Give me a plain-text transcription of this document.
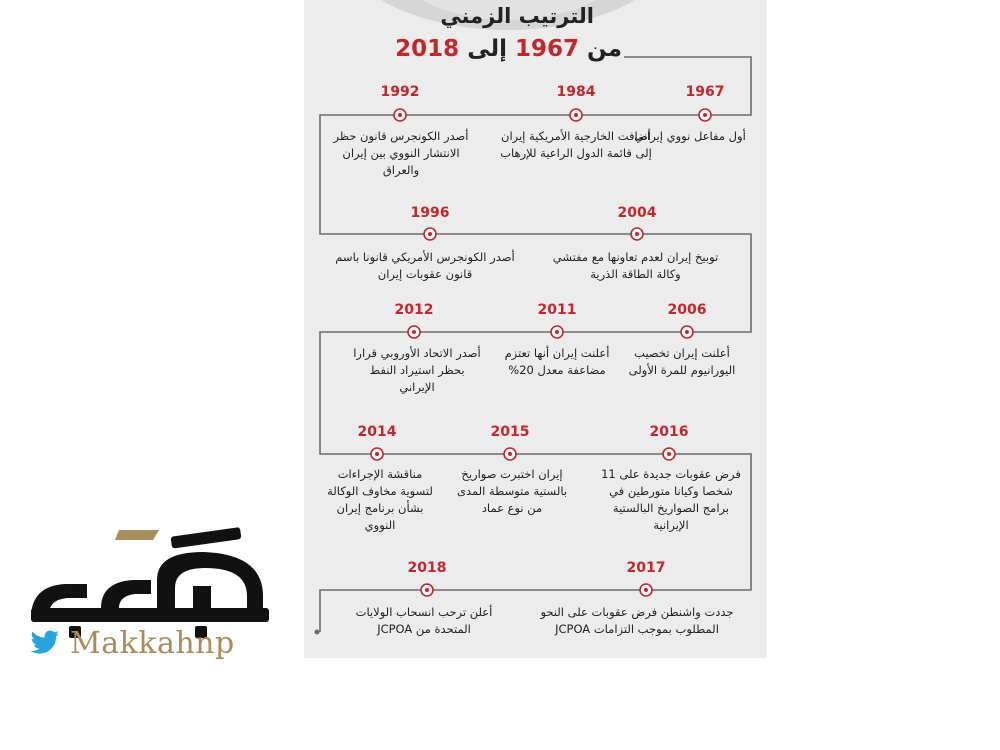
الترتيب الزمني
من 1967 إلى 2018
1967
أول مفاعل نووي إيراني
1984
أضافت الخارجية الأمريكية إيران إلى قائمة الدول الراعية للإرهاب
1992
أصدر الكونجرس قانون حظر الانتشار النووي بين إيران والعراق
2004
توبيخ إيران لعدم تعاونها مع مفتشي وكالة الطاقة الذرية
1996
أصدر الكونجرس الأمريكي قانونا باسم قانون عقوبات إيران
2006
أعلنت إيران تخصيب اليورانيوم للمرة الأولى
2011
أعلنت إيران أنها تعتزم مضاعفة معدل 20%
2012
أصدر الاتحاد الأوروبي قرارا بحظر استيراد النفط الإيراني
2016
فرض عقوبات جديدة على 11 شخصا وكيانا متورطين في برامج الصواريخ البالستية الإيرانية
2015
إيران اختبرت صواريخ بالستية متوسطة المدى من نوع عماد
2014
مناقشة الإجراءات لتسوية مخاوف الوكالة بشأن برنامج إيران النووي
2017
جددت واشنطن فرض عقوبات على النحو المطلوب بموجب التزامات JCPOA
2018
أعلن ترحب انسحاب الولايات المتحدة من JCPOA
Makkahnp
